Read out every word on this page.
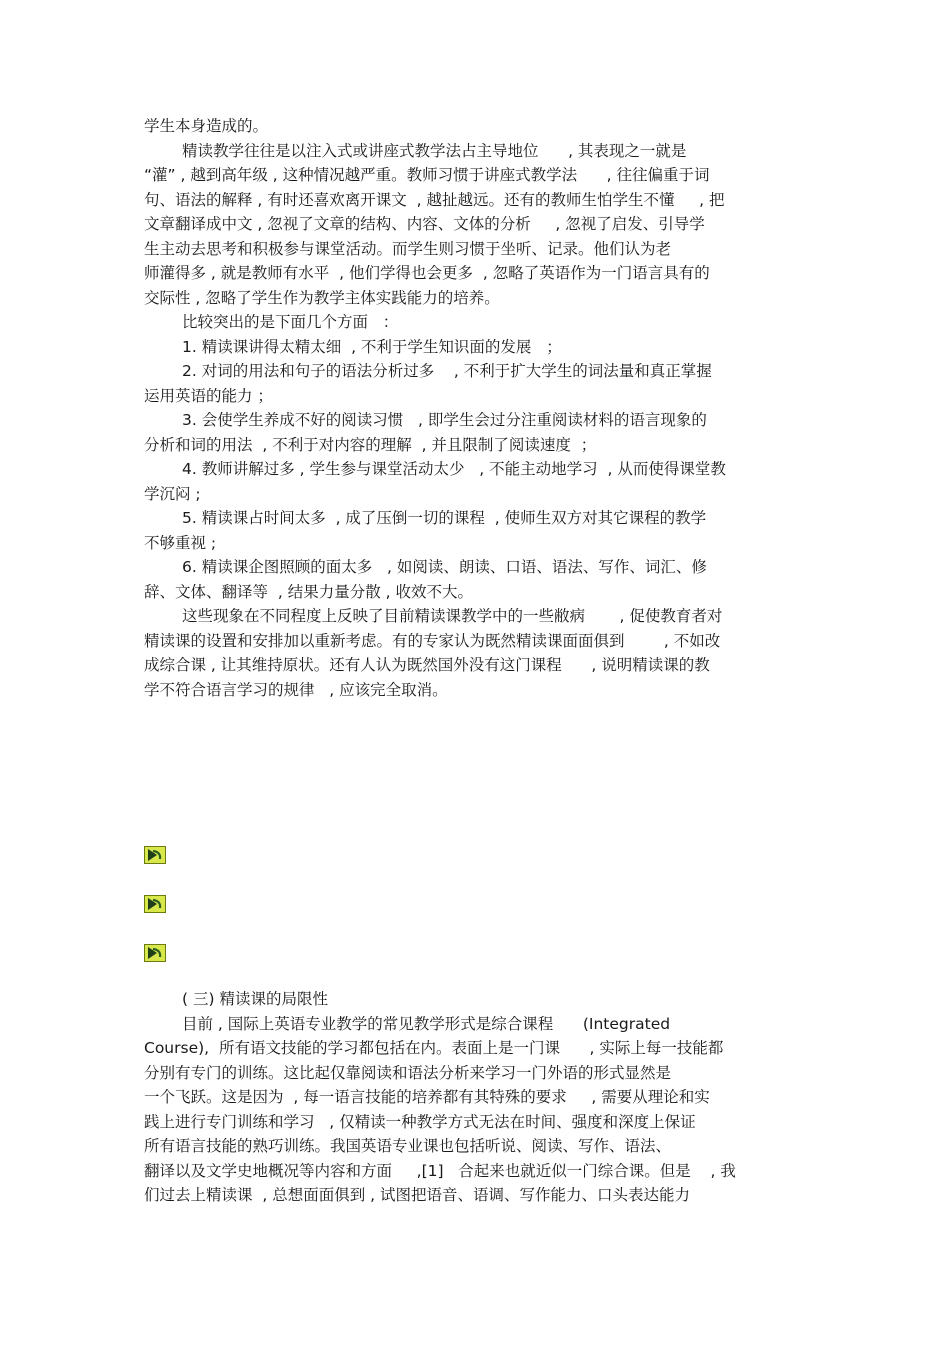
学生本身造成的。
精读教学往往是以注入式或讲座式教学法占主导地位      , 其表现之一就是
“灌” , 越到高年级 , 这种情况越严重。教师习惯于讲座式教学法      , 往往偏重于词
句、语法的解释 , 有时还喜欢离开课文  , 越扯越远。还有的教师生怕学生不懂     , 把
文章翻译成中文 , 忽视了文章的结构、内容、文体的分析     , 忽视了启发、引导学
生主动去思考和积极参与课堂活动。而学生则习惯于坐听、记录。他们认为老
师灌得多 , 就是教师有水平  , 他们学得也会更多  , 忽略了英语作为一门语言具有的
交际性 , 忽略了学生作为教学主体实践能力的培养。
比较突出的是下面几个方面   ：
1. 精读课讲得太精太细  , 不利于学生知识面的发展   ；
2. 对词的用法和句子的语法分析过多    , 不利于扩大学生的词法量和真正掌握
运用英语的能力 ；
3. 会使学生养成不好的阅读习惯   , 即学生会过分注重阅读材料的语言现象的
分析和词的用法  , 不利于对内容的理解  , 并且限制了阅读速度  ；
4. 教师讲解过多 , 学生参与课堂活动太少   , 不能主动地学习  , 从而使得课堂教
学沉闷 ;
5. 精读课占时间太多  , 成了压倒一切的课程  , 使师生双方对其它课程的教学
不够重视 ;
6. 精读课企图照顾的面太多   , 如阅读、朗读、口语、语法、写作、词汇、修
辞、文体、翻译等  , 结果力量分散 , 收效不大。
这些现象在不同程度上反映了目前精读课教学中的一些敝病       , 促使教育者对
精读课的设置和安排加以重新考虑。有的专家认为既然精读课面面俱到        , 不如改
成综合课 , 让其维持原状。还有人认为既然国外没有这门课程      , 说明精读课的教
学不符合语言学习的规律   , 应该完全取消。
( 三) 精读课的局限性
目前 , 国际上英语专业教学的常见教学形式是综合课程      (Integrated
Course),  所有语文技能的学习都包括在内。表面上是一门课      , 实际上每一技能都
分别有专门的训练。这比起仅靠阅读和语法分析来学习一门外语的形式显然是
一个飞跃。这是因为  , 每一语言技能的培养都有其特殊的要求     , 需要从理论和实
践上进行专门训练和学习   , 仅精读一种教学方式无法在时间、强度和深度上保证
所有语言技能的熟巧训练。我国英语专业课也包括听说、阅读、写作、语法、
翻译以及文学史地概况等内容和方面     ,[1]   合起来也就近似一门综合课。但是    , 我
们过去上精读课  , 总想面面俱到 , 试图把语音、语调、写作能力、口头表达能力
